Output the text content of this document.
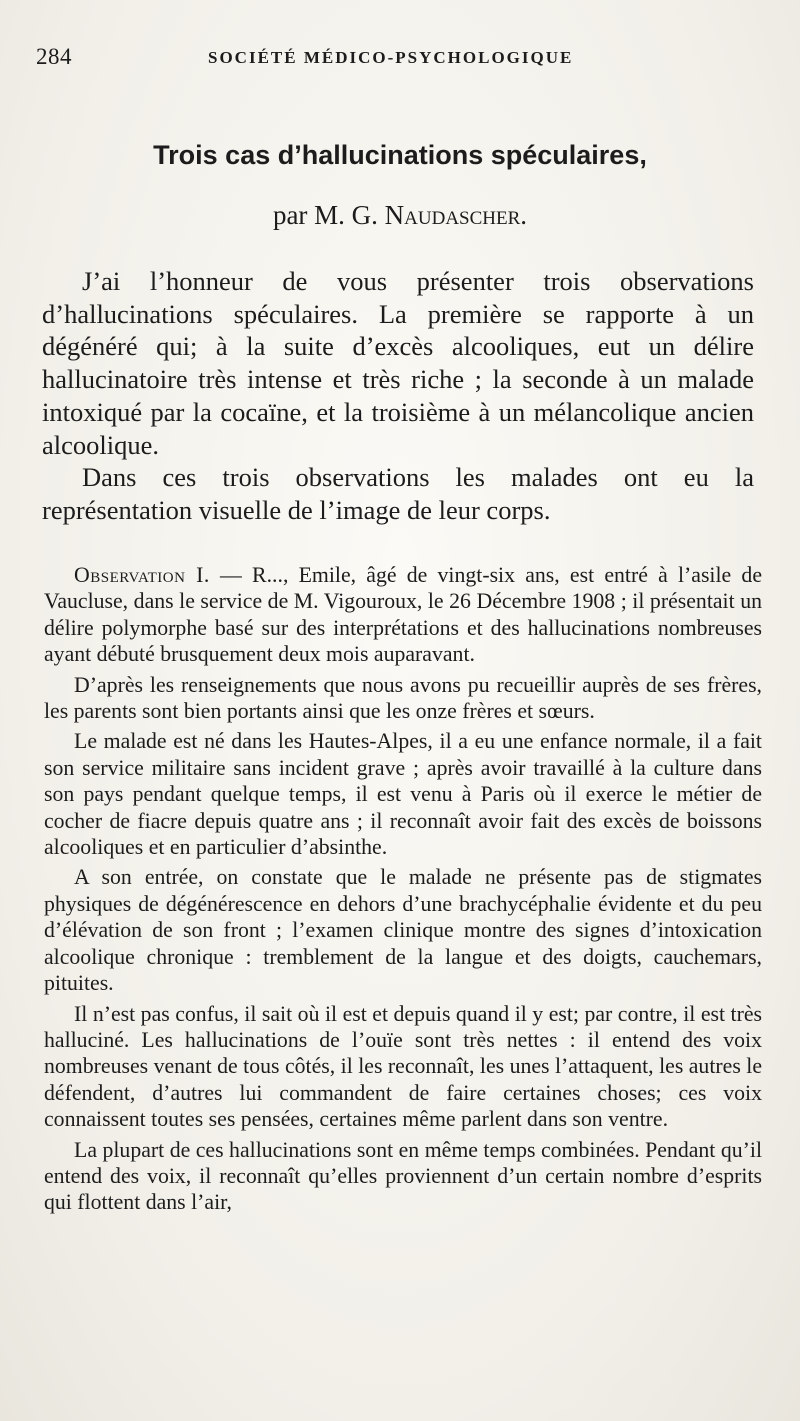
284	SOCIÉTÉ MÉDICO-PSYCHOLOGIQUE
Trois cas d’hallucinations spéculaires,
par M. G. Naudascher.

J’ai l’honneur de vous présenter trois observations d’hallucinations spéculaires. La première se rapporte à un dégénéré qui; à la suite d’excès alcooliques, eut un délire hallucinatoire très intense et très riche ; la seconde à un malade intoxiqué par la cocaïne, et la troisième à un mélancolique ancien alcoolique.

Dans ces trois observations les malades ont eu la représentation visuelle de l’image de leur corps.

Observation I. — R..., Emile, âgé de vingt-six ans, est entré à l’asile de Vaucluse, dans le service de M. Vigouroux, le 26 Décembre 1908 ; il présentait un délire polymorphe basé sur des interprétations et des hallucinations nombreuses ayant débuté brusquement deux mois auparavant.

D’après les renseignements que nous avons pu recueillir auprès de ses frères, les parents sont bien portants ainsi que les onze frères et sœurs.

Le malade est né dans les Hautes-Alpes, il a eu une enfance normale, il a fait son service militaire sans incident grave ; après avoir travaillé à la culture dans son pays pendant quelque temps, il est venu à Paris où il exerce le métier de cocher de fiacre depuis quatre ans ; il reconnaît avoir fait des excès de boissons alcooliques et en particulier d’absinthe.

A son entrée, on constate que le malade ne présente pas de stigmates physiques de dégénérescence en dehors d’une brachycéphalie évidente et du peu d’élévation de son front ; l’examen clinique montre des signes d’intoxication alcoolique chronique : tremblement de la langue et des doigts, cauchemars, pituites.

Il n’est pas confus, il sait où il est et depuis quand il y est; par contre, il est très halluciné. Les hallucinations de l’ouïe sont très nettes : il entend des voix nombreuses venant de tous côtés, il les reconnaît, les unes l’attaquent, les autres le défendent, d’autres lui commandent de faire certaines choses; ces voix connaissent toutes ses pensées, certaines même parlent dans son ventre.

La plupart de ces hallucinations sont en même temps combinées. Pendant qu’il entend des voix, il reconnaît qu’elles proviennent d’un certain nombre d’esprits qui flottent dans l’air,
